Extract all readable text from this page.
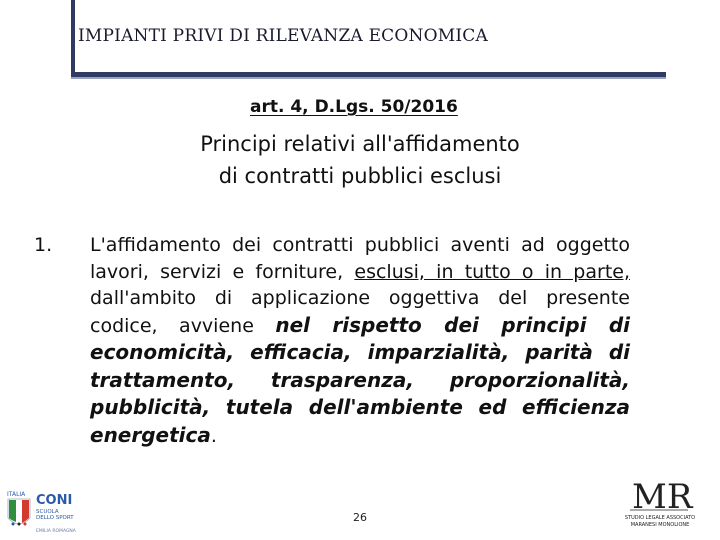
IMPIANTI PRIVI DI RILEVANZA ECONOMICA
art. 4, D.Lgs. 50/2016
Principi relativi all'affidamento
di contratti pubblici esclusi
1. L'affidamento dei contratti pubblici aventi ad oggetto lavori, servizi e forniture, esclusi, in tutto o in parte, dall'ambito di applicazione oggettiva del presente codice, avviene nel rispetto dei principi di economicità, efficacia, imparzialità, parità di trattamento, trasparenza, proporzionalità, pubblicità, tutela dell'ambiente ed efficienza energetica.
26
ITALIA CONI
SCUOLA
DELLO SPORT
EMILIA ROMAGNA
MR
STUDIO LEGALE ASSOCIATO
MARANESI MONOLIONE
